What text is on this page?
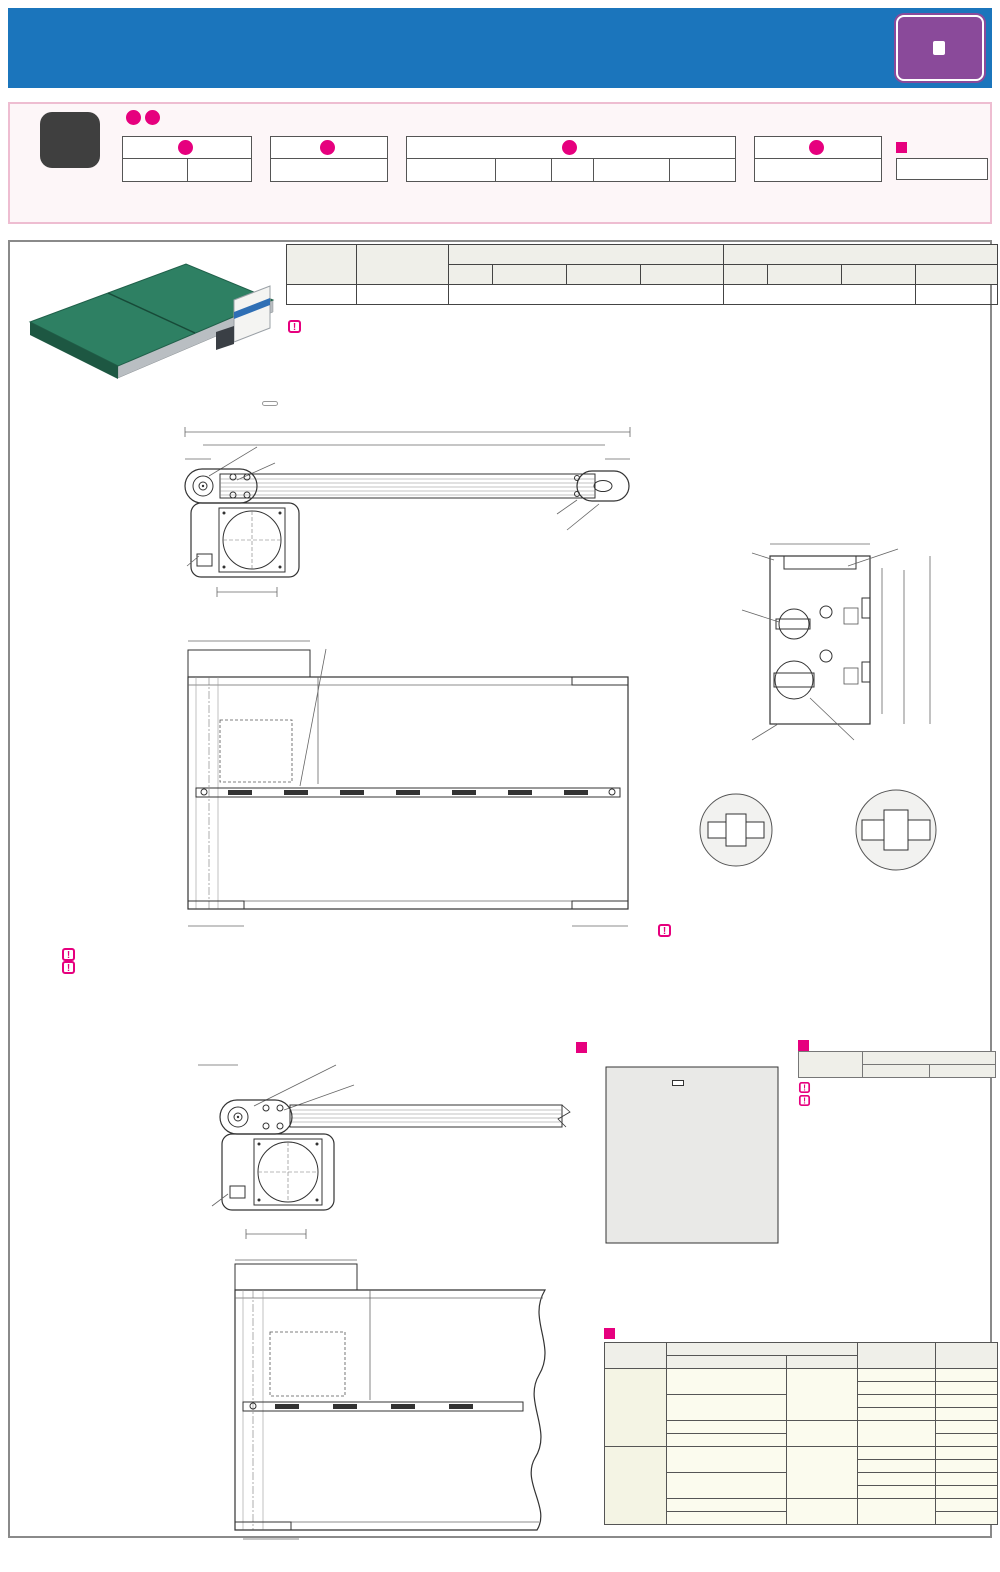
!
!
!
!

!
!
